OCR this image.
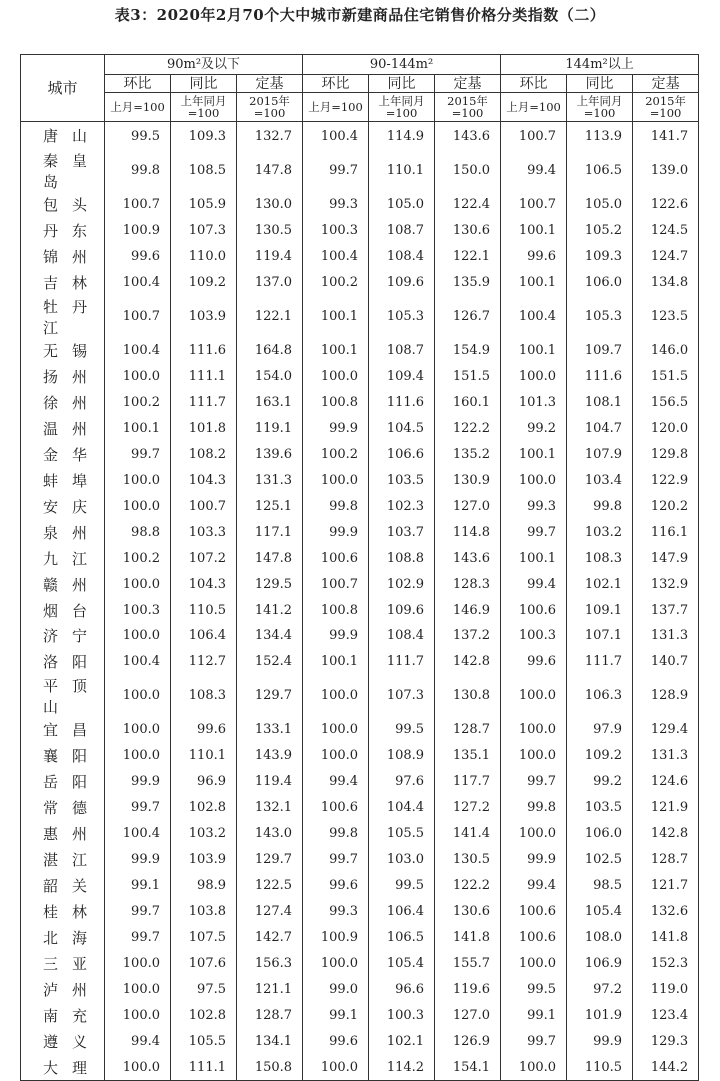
表3：2020年2月70个大中城市新建商品住宅销售价格分类指数（二）
城市	90m²及以下			90-144m²			144m²以上		
	环比	同比	定基	环比	同比	定基	环比	同比	定基
	上月=100	上年同月=100	2015年=100	上月=100	上年同月=100	2015年=100	上月=100	上年同月=100	2015年=100
唐山	99.5	109.3	132.7	100.4	114.9	143.6	100.7	113.9	141.7
秦皇岛	99.8	108.5	147.8	99.7	110.1	150.0	99.4	106.5	139.0
包头	100.7	105.9	130.0	99.3	105.0	122.4	100.7	105.0	122.6
丹东	100.9	107.3	130.5	100.3	108.7	130.6	100.1	105.2	124.5
锦州	99.6	110.0	119.4	100.4	108.4	122.1	99.6	109.3	124.7
吉林	100.4	109.2	137.0	100.2	109.6	135.9	100.1	106.0	134.8
牡丹江	100.7	103.9	122.1	100.1	105.3	126.7	100.4	105.3	123.5
无锡	100.4	111.6	164.8	100.1	108.7	154.9	100.1	109.7	146.0
扬州	100.0	111.1	154.0	100.0	109.4	151.5	100.0	111.6	151.5
徐州	100.2	111.7	163.1	100.8	111.6	160.1	101.3	108.1	156.5
温州	100.1	101.8	119.1	99.9	104.5	122.2	99.2	104.7	120.0
金华	99.7	108.2	139.6	100.2	106.6	135.2	100.1	107.9	129.8
蚌埠	100.0	104.3	131.3	100.0	103.5	130.9	100.0	103.4	122.9
安庆	100.0	100.7	125.1	99.8	102.3	127.0	99.3	99.8	120.2
泉州	98.8	103.3	117.1	99.9	103.7	114.8	99.7	103.2	116.1
九江	100.2	107.2	147.8	100.6	108.8	143.6	100.1	108.3	147.9
赣州	100.0	104.3	129.5	100.7	102.9	128.3	99.4	102.1	132.9
烟台	100.3	110.5	141.2	100.8	109.6	146.9	100.6	109.1	137.7
济宁	100.0	106.4	134.4	99.9	108.4	137.2	100.3	107.1	131.3
洛阳	100.4	112.7	152.4	100.1	111.7	142.8	99.6	111.7	140.7
平顶山	100.0	108.3	129.7	100.0	107.3	130.8	100.0	106.3	128.9
宜昌	100.0	99.6	133.1	100.0	99.5	128.7	100.0	97.9	129.4
襄阳	100.0	110.1	143.9	100.0	108.9	135.1	100.0	109.2	131.3
岳阳	99.9	96.9	119.4	99.4	97.6	117.7	99.7	99.2	124.6
常德	99.7	102.8	132.1	100.6	104.4	127.2	99.8	103.5	121.9
惠州	100.4	103.2	143.0	99.8	105.5	141.4	100.0	106.0	142.8
湛江	99.9	103.9	129.7	99.7	103.0	130.5	99.9	102.5	128.7
韶关	99.1	98.9	122.5	99.6	99.5	122.2	99.4	98.5	121.7
桂林	99.7	103.8	127.4	99.3	106.4	130.6	100.6	105.4	132.6
北海	99.7	107.5	142.7	100.9	106.5	141.8	100.6	108.0	141.8
三亚	100.0	107.6	156.3	100.0	105.4	155.7	100.0	106.9	152.3
泸州	100.0	97.5	121.1	99.0	96.6	119.6	99.5	97.2	119.0
南充	100.0	102.8	128.7	99.1	100.3	127.0	99.1	101.9	123.4
遵义	99.4	105.5	134.1	99.6	102.1	126.9	99.7	99.9	129.3
大理	100.0	111.1	150.8	100.0	114.2	154.1	100.0	110.5	144.2
